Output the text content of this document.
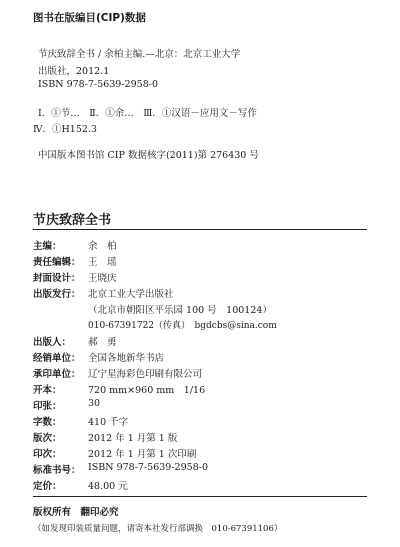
图书在版编目(CIP)数据
节庆致辞全书 / 余柏主编.—北京：北京工业大学
出版社，2012.1
ISBN 978-7-5639-2958-0
Ⅰ．①节…　Ⅱ．①余…　Ⅲ．①汉语－应用文－写作
Ⅳ．①H152.3
中国版本图书馆 CIP 数据核字(2011)第 276430 号
节庆致辞全书
主编：	余　柏
责任编辑： 王　瑶
封面设计： 王晓庆
出版发行： 北京工业大学出版社
（北京市朝阳区平乐园 100 号　100124）
010-67391722（传真）　bgdcbs@sina.com
出版人： 郝　勇
经销单位： 全国各地新华书店
承印单位： 辽宁星海彩色印刷有限公司
开本：	720 mm×960 mm　1/16
印张：	30
字数：	410 千字
版次：	2012 年 1 月第 1 版
印次：	2012 年 1 月第 1 次印刷
标准书号： ISBN 978-7-5639-2958-0
定价：	48.00 元
版权所有　翻印必究
（如发现印装质量问题，请寄本社发行部调换　010-67391106）
